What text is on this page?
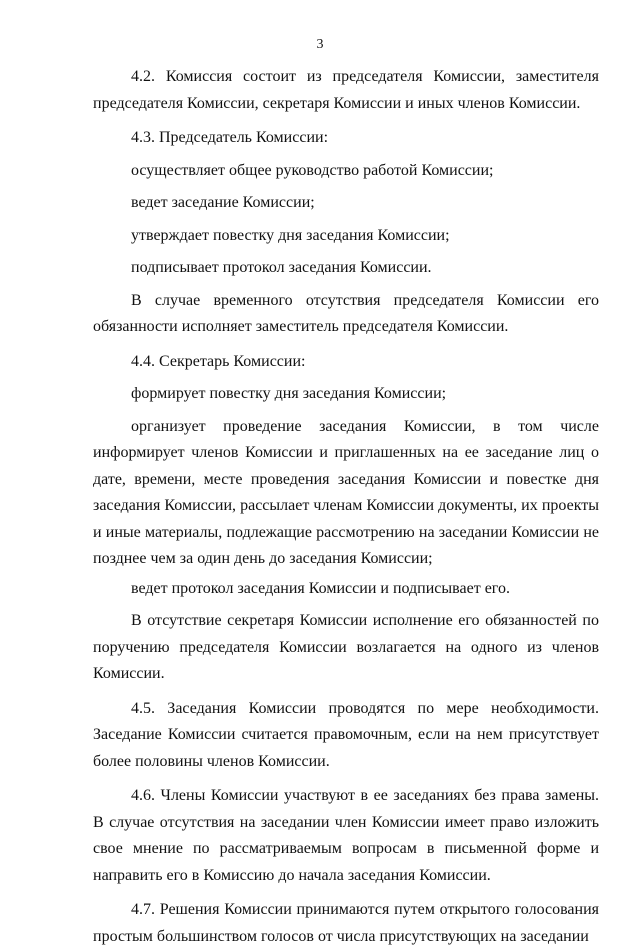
3

4.2. Комиссия состоит из председателя Комиссии, заместителя председателя Комиссии, секретаря Комиссии и иных членов Комиссии.

4.3. Председатель Комиссии:

осуществляет общее руководство работой Комиссии;

ведет заседание Комиссии;

утверждает повестку дня заседания Комиссии;

подписывает протокол заседания Комиссии.

В случае временного отсутствия председателя Комиссии его обязанности исполняет заместитель председателя Комиссии.

4.4. Секретарь Комиссии:

формирует повестку дня заседания Комиссии;

организует проведение заседания Комиссии, в том числе информирует членов Комиссии и приглашенных на ее заседание лиц о дате, времени, месте проведения заседания Комиссии и повестке дня заседания Комиссии, рассылает членам Комиссии документы, их проекты и иные материалы, подлежащие рассмотрению на заседании Комиссии не позднее чем за один день до заседания Комиссии;

ведет протокол заседания Комиссии и подписывает его.

В отсутствие секретаря Комиссии исполнение его обязанностей по поручению председателя Комиссии возлагается на одного из членов Комиссии.

4.5. Заседания Комиссии проводятся по мере необходимости. Заседание Комиссии считается правомочным, если на нем присутствует более половины членов Комиссии.

4.6. Члены Комиссии участвуют в ее заседаниях без права замены. В случае отсутствия на заседании член Комиссии имеет право изложить свое мнение по рассматриваемым вопросам в письменной форме и направить его в Комиссию до начала заседания Комиссии.

4.7. Решения Комиссии принимаются путем открытого голосования простым большинством голосов от числа присутствующих на заседании
